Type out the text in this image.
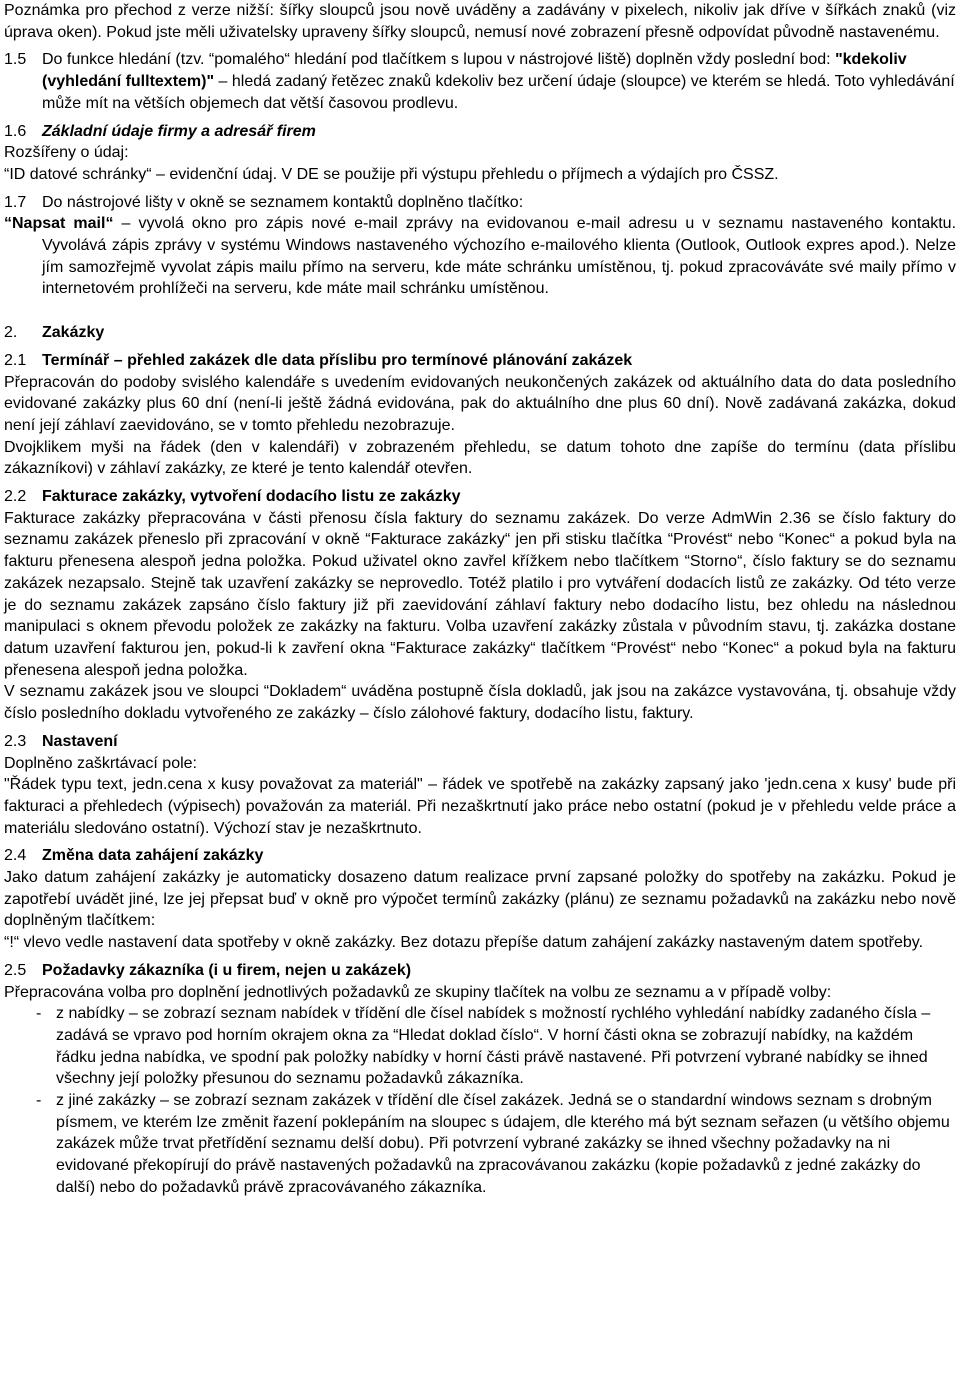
Poznámka pro přechod z verze nižší: šířky sloupců jsou nově uváděny a zadávány v pixelech, nikoliv jak dříve v šířkách znaků (viz úprava oken). Pokud jste měli uživatelsky upraveny šířky sloupců, nemusí nové zobrazení přesně odpovídat původně nastavenému.

1.5 Do funkce hledání (tzv. “pomalého“ hledání pod tlačítkem s lupou v nástrojové liště) doplněn vždy poslední bod: "kdekoliv (vyhledání fulltextem)" – hledá zadaný řetězec znaků kdekoliv bez určení údaje (sloupce) ve kterém se hledá. Toto vyhledávání může mít na větších objemech dat větší časovou prodlevu.

1.6 Základní údaje firmy a adresář firem

Rozšířeny o údaj:

“ID datové schránky“ – evidenční údaj. V DE se použije při výstupu přehledu o příjmech a výdajích pro ČSSZ.

1.7 Do nástrojové lišty v okně se seznamem kontaktů doplněno tlačítko:

“Napsat mail“ – vyvolá okno pro zápis nové e-mail zprávy na evidovanou e-mail adresu u v seznamu nastaveného kontaktu. Vyvolává zápis zprávy v systému Windows nastaveného výchozího e-mailového klienta (Outlook, Outlook expres apod.). Nelze jím samozřejmě vyvolat zápis mailu přímo na serveru, kde máte schránku umístěnou, tj. pokud zpracováváte své maily přímo v internetovém prohlížeči na serveru, kde máte mail schránku umístěnou.

2. Zakázky

2.1 Termínář – přehled zakázek dle data příslibu pro termínové plánování zakázek

Přepracován do podoby svislého kalendáře s uvedením evidovaných neukončených zakázek od aktuálního data do data posledního evidované zakázky plus 60 dní (není-li ještě žádná evidována, pak do aktuálního dne plus 60 dní). Nově zadávaná zakázka, dokud není její záhlaví zaevidováno, se v tomto přehledu nezobrazuje.

Dvojklikem myši na řádek (den v kalendáři) v zobrazeném přehledu, se datum tohoto dne zapíše do termínu (data příslibu zákazníkovi) v záhlaví zakázky, ze které je tento kalendář otevřen.

2.2 Fakturace zakázky, vytvoření dodacího listu ze zakázky

Fakturace zakázky přepracována v části přenosu čísla faktury do seznamu zakázek. Do verze AdmWin 2.36 se číslo faktury do seznamu zakázek přeneslo při zpracování v okně “Fakturace zakázky“ jen při stisku tlačítka “Provést“ nebo “Konec“ a pokud byla na fakturu přenesena alespoň jedna položka. Pokud uživatel okno zavřel křížkem nebo tlačítkem “Storno“, číslo faktury se do seznamu zakázek nezapsalo. Stejně tak uzavření zakázky se neprovedlo. Totéž platilo i pro vytváření dodacích listů ze zakázky. Od této verze je do seznamu zakázek zapsáno číslo faktury již při zaevidování záhlaví faktury nebo dodacího listu, bez ohledu na následnou manipulaci s oknem převodu položek ze zakázky na fakturu. Volba uzavření zakázky zůstala v původním stavu, tj. zakázka dostane datum uzavření fakturou jen, pokud-li k zavření okna “Fakturace zakázky“ tlačítkem “Provést“ nebo “Konec“ a pokud byla na fakturu přenesena alespoň jedna položka.

V seznamu zakázek jsou ve sloupci “Dokladem“ uváděna postupně čísla dokladů, jak jsou na zakázce vystavována, tj. obsahuje vždy číslo posledního dokladu vytvořeného ze zakázky – číslo zálohové faktury, dodacího listu, faktury.

2.3 Nastavení

Doplněno zaškrtávací pole:

"Řádek typu text, jedn.cena x kusy považovat za materiál" – řádek ve spotřebě na zakázky zapsaný jako 'jedn.cena x kusy' bude při fakturaci a přehledech (výpisech) považován za materiál. Při nezaškrtnutí jako práce nebo ostatní (pokud je v přehledu velde práce a materiálu sledováno ostatní). Výchozí stav je nezaškrtnuto.

2.4 Změna data zahájení zakázky

Jako datum zahájení zakázky je automaticky dosazeno datum realizace první zapsané položky do spotřeby na zakázku. Pokud je zapotřebí uvádět jiné, lze jej přepsat buď v okně pro výpočet termínů zakázky (plánu) ze seznamu požadavků na zakázku nebo nově doplněným tlačítkem:

“!“ vlevo vedle nastavení data spotřeby v okně zakázky. Bez dotazu přepíše datum zahájení zakázky nastaveným datem spotřeby.

2.5 Požadavky zákazníka (i u firem, nejen u zakázek)

Přepracována volba pro doplnění jednotlivých požadavků ze skupiny tlačítek na volbu ze seznamu a v případě volby:

- z nabídky – se zobrazí seznam nabídek v třídění dle čísel nabídek s možností rychlého vyhledání nabídky zadaného čísla – zadává se vpravo pod horním okrajem okna za “Hledat doklad číslo“. V horní části okna se zobrazují nabídky, na každém řádku jedna nabídka, ve spodní pak položky nabídky v horní části právě nastavené. Při potvrzení vybrané nabídky se ihned všechny její položky přesunou do seznamu požadavků zákazníka.
- z jiné zakázky – se zobrazí seznam zakázek v třídění dle čísel zakázek. Jedná se o standardní windows seznam s drobným písmem, ve kterém lze změnit řazení poklepáním na sloupec s údajem, dle kterého má být seznam seřazen (u většího objemu zakázek může trvat přetřídění seznamu delší dobu). Při potvrzení vybrané zakázky se ihned všechny požadavky na ni evidované překopírují do právě nastavených požadavků na zpracovávanou zakázku (kopie požadavků z jedné zakázky do další) nebo do požadavků právě zpracovávaného zákazníka.
